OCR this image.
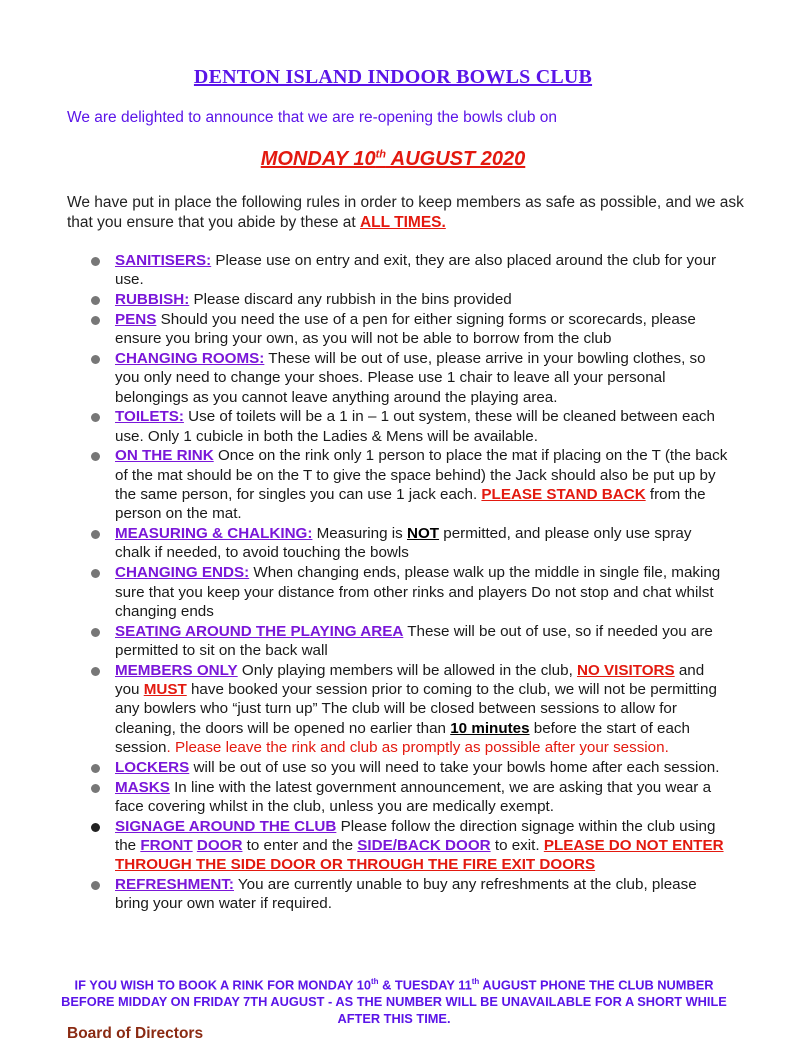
DENTON ISLAND INDOOR BOWLS CLUB
We are delighted to announce that we are re-opening the bowls club on
MONDAY 10th AUGUST 2020
We have put in place the following rules in order to keep members as safe as possible, and we ask that you ensure that you abide by these at ALL TIMES.
SANITISERS: Please use on entry and exit, they are also placed around the club for your use.
RUBBISH: Please discard any rubbish in the bins provided
PENS Should you need the use of a pen for either signing forms or scorecards, please ensure you bring your own, as you will not be able to borrow from the club
CHANGING ROOMS: These will be out of use, please arrive in your bowling clothes, so you only need to change your shoes. Please use 1 chair to leave all your personal belongings as you cannot leave anything around the playing area.
TOILETS: Use of toilets will be a 1 in – 1 out system, these will be cleaned between each use. Only 1 cubicle in both the Ladies & Mens will be available.
ON THE RINK Once on the rink only 1 person to place the mat if placing on the T (the back of the mat should be on the T to give the space behind) the Jack should also be put up by the same person, for singles you can use 1 jack each. PLEASE STAND BACK from the person on the mat.
MEASURING & CHALKING: Measuring is NOT permitted, and please only use spray chalk if needed, to avoid touching the bowls
CHANGING ENDS: When changing ends, please walk up the middle in single file, making sure that you keep your distance from other rinks and players Do not stop and chat whilst changing ends
SEATING AROUND THE PLAYING AREA These will be out of use, so if needed you are permitted to sit on the back wall
MEMBERS ONLY Only playing members will be allowed in the club, NO VISITORS and you MUST have booked your session prior to coming to the club, we will not be permitting any bowlers who “just turn up” The club will be closed between sessions to allow for cleaning, the doors will be opened no earlier than 10 minutes before the start of each session. Please leave the rink and club as promptly as possible after your session.
LOCKERS will be out of use so you will need to take your bowls home after each session.
MASKS In line with the latest government announcement, we are asking that you wear a face covering whilst in the club, unless you are medically exempt.
SIGNAGE AROUND THE CLUB Please follow the direction signage within the club using the FRONT DOOR to enter and the SIDE/BACK DOOR to exit. PLEASE DO NOT ENTER THROUGH THE SIDE DOOR OR THROUGH THE FIRE EXIT DOORS
REFRESHMENT: You are currently unable to buy any refreshments at the club, please bring your own water if required.
IF YOU WISH TO BOOK A RINK FOR MONDAY 10th & TUESDAY 11th AUGUST PHONE THE CLUB NUMBER BEFORE MIDDAY ON FRIDAY 7TH AUGUST - AS THE NUMBER WILL BE UNAVAILABLE FOR A SHORT WHILE AFTER THIS TIME.
Board of Directors
